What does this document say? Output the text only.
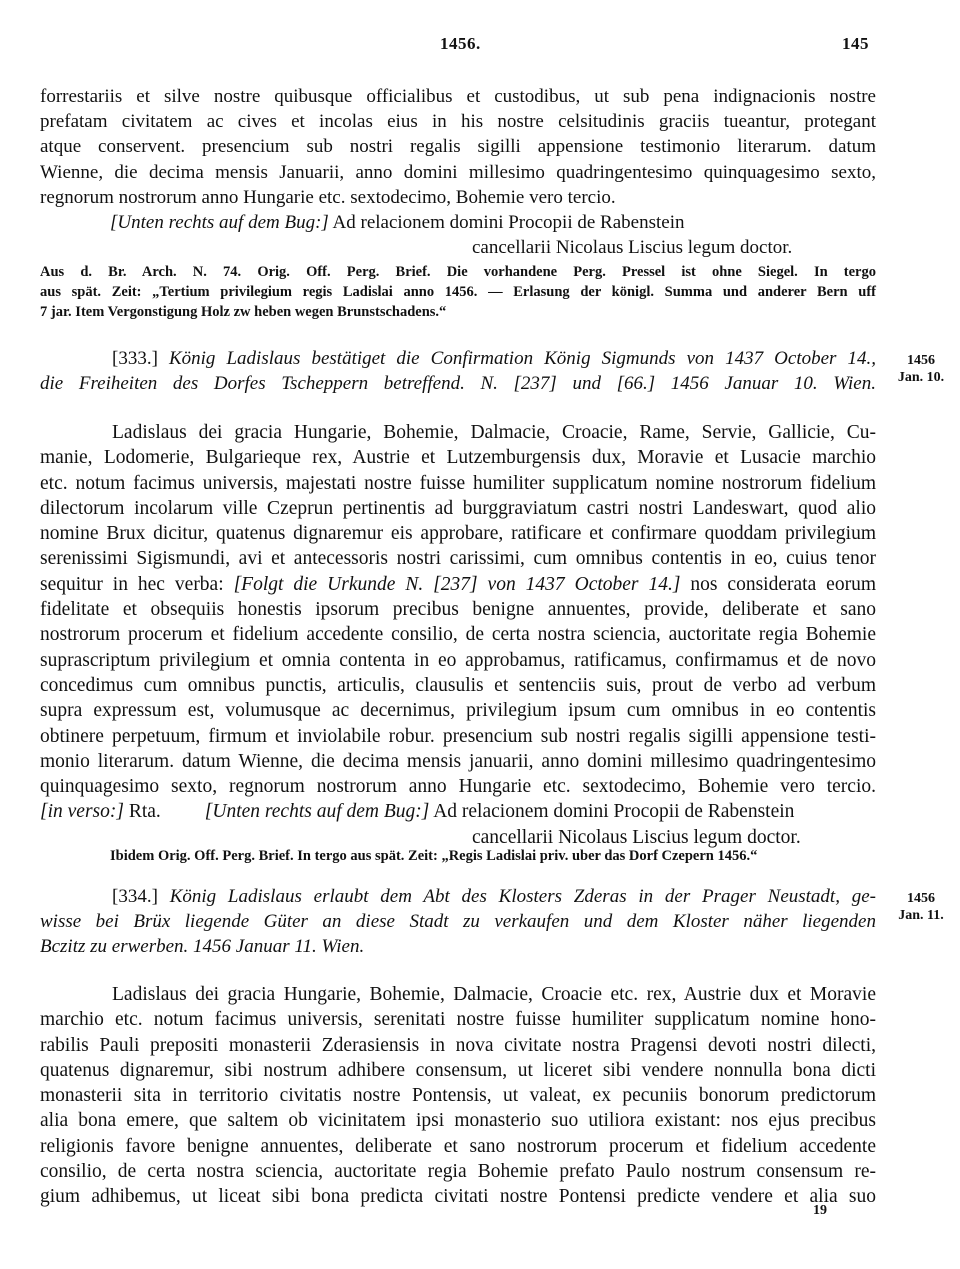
1456.	145
forrestariis et silve nostre quibusque officialibus et custodibus, ut sub pena indignacionis nostre
prefatam civitatem ac cives et incolas eius in his nostre celsitudinis graciis tueantur, protegant
atque conservent. presencium sub nostri regalis sigilli appensione testimonio literarum. datum
Wienne, die decima mensis Januarii, anno domini millesimo quadringentesimo quinquagesimo sexto,
regnorum nostrorum anno Hungarie etc. sextodecimo, Bohemie vero tercio.
[Unten rechts auf dem Bug:] Ad relacionem domini Procopii de Rabenstein
cancellarii Nicolaus Liscius legum doctor.
Aus d. Br. Arch. N. 74. Orig. Off. Perg. Brief. Die vorhandene Perg. Pressel ist ohne Siegel. In tergo
aus spät. Zeit: „Tertium privilegium regis Ladislai anno 1456. — Erlasung der königl. Summa und anderer Bern uff
7 jar. Item Vergonstigung Holz zw heben wegen Brunstschadens.“
[333.] König Ladislaus bestätiget die Confirmation König Sigmunds von 1437 October 14.,
die Freiheiten des Dorfes Tscheppern betreffend. N. [237] und [66.] 1456 Januar 10. Wien.
1456
Jan. 10.
Ladislaus dei gracia Hungarie, Bohemie, Dalmacie, Croacie, Rame, Servie, Gallicie, Cu-
manie, Lodomerie, Bulgarieque rex, Austrie et Lutzemburgensis dux, Moravie et Lusacie marchio
etc. notum facimus universis, majestati nostre fuisse humiliter supplicatum nomine nostrorum fidelium
dilectorum incolarum ville Czeprun pertinentis ad burggraviatum castri nostri Landeswart, quod alio
nomine Brux dicitur, quatenus dignaremur eis approbare, ratificare et confirmare quoddam privilegium
serenissimi Sigismundi, avi et antecessoris nostri carissimi, cum omnibus contentis in eo, cuius tenor
sequitur in hec verba: [Folgt die Urkunde N. [237] von 1437 October 14.] nos considerata eorum
fidelitate et obsequiis honestis ipsorum precibus benigne annuentes, provide, deliberate et sano
nostrorum procerum et fidelium accedente consilio, de certa nostra sciencia, auctoritate regia Bohemie
suprascriptum privilegium et omnia contenta in eo approbamus, ratificamus, confirmamus et de novo
concedimus cum omnibus punctis, articulis, clausulis et sentenciis suis, prout de verbo ad verbum
supra expressum est, volumusque ac decernimus, privilegium ipsum cum omnibus in eo contentis
obtinere perpetuum, firmum et inviolabile robur. presencium sub nostri regalis sigilli appensione testi-
monio literarum. datum Wienne, die decima mensis januarii, anno domini millesimo quadringentesimo
quinquagesimo sexto, regnorum nostrorum anno Hungarie etc. sextodecimo, Bohemie vero tercio.
[in verso:] Rta. [Unten rechts auf dem Bug:] Ad relacionem domini Procopii de Rabenstein
cancellarii Nicolaus Liscius legum doctor.
Ibidem Orig. Off. Perg. Brief. In tergo aus spät. Zeit: „Regis Ladislai priv. uber das Dorf Czepern 1456.“
[334.] König Ladislaus erlaubt dem Abt des Klosters Zderas in der Prager Neustadt, ge-
wisse bei Brüx liegende Güter an diese Stadt zu verkaufen und dem Kloster näher liegenden
Bczitz zu erwerben. 1456 Januar 11. Wien.
1456
Jan. 11.
Ladislaus dei gracia Hungarie, Bohemie, Dalmacie, Croacie etc. rex, Austrie dux et Moravie
marchio etc. notum facimus universis, serenitati nostre fuisse humiliter supplicatum nomine hono-
rabilis Pauli prepositi monasterii Zderasiensis in nova civitate nostra Pragensi devoti nostri dilecti,
quatenus dignaremur, sibi nostrum adhibere consensum, ut liceret sibi vendere nonnulla bona dicti
monasterii sita in territorio civitatis nostre Pontensis, ut valeat, ex pecuniis bonorum predictorum
alia bona emere, que saltem ob vicinitatem ipsi monasterio suo utiliora existant: nos ejus precibus
religionis favore benigne annuentes, deliberate et sano nostrorum procerum et fidelium accedente
consilio, de certa nostra sciencia, auctoritate regia Bohemie prefato Paulo nostrum consensum re-
gium adhibemus, ut liceat sibi bona predicta civitati nostre Pontensi predicte vendere et alia suo
19
